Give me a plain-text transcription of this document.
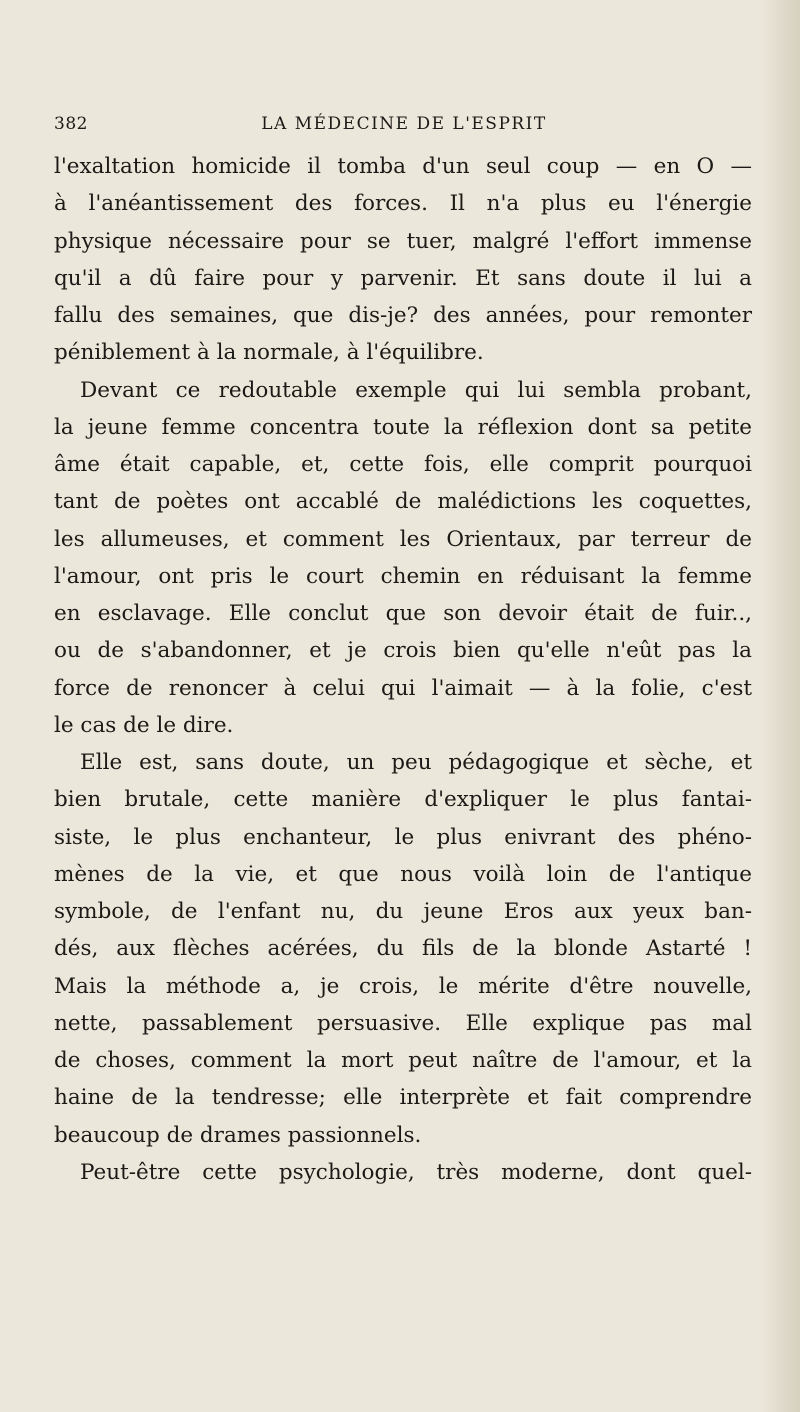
382	LA MÉDECINE DE L'ESPRIT
l'exaltation homicide il tomba d'un seul coup — en O —
à l'anéantissement des forces. Il n'a plus eu l'énergie
physique nécessaire pour se tuer, malgré l'effort immense
qu'il a dû faire pour y parvenir. Et sans doute il lui a
fallu des semaines, que dis-je? des années, pour remonter
péniblement à la normale, à l'équilibre.
Devant ce redoutable exemple qui lui sembla probant,
la jeune femme concentra toute la réflexion dont sa petite
âme était capable, et, cette fois, elle comprit pourquoi
tant de poètes ont accablé de malédictions les coquettes,
les allumeuses, et comment les Orientaux, par terreur de
l'amour, ont pris le court chemin en réduisant la femme
en esclavage. Elle conclut que son devoir était de fuir..,
ou de s'abandonner, et je crois bien qu'elle n'eût pas la
force de renoncer à celui qui l'aimait — à la folie, c'est
le cas de le dire.
Elle est, sans doute, un peu pédagogique et sèche, et
bien brutale, cette manière d'expliquer le plus fantai-
siste, le plus enchanteur, le plus enivrant des phéno-
mènes de la vie, et que nous voilà loin de l'antique
symbole, de l'enfant nu, du jeune Eros aux yeux ban-
dés, aux flèches acérées, du fils de la blonde Astarté !
Mais la méthode a, je crois, le mérite d'être nouvelle,
nette, passablement persuasive. Elle explique pas mal
de choses, comment la mort peut naître de l'amour, et la
haine de la tendresse; elle interprète et fait comprendre
beaucoup de drames passionnels.
Peut-être cette psychologie, très moderne, dont quel-
